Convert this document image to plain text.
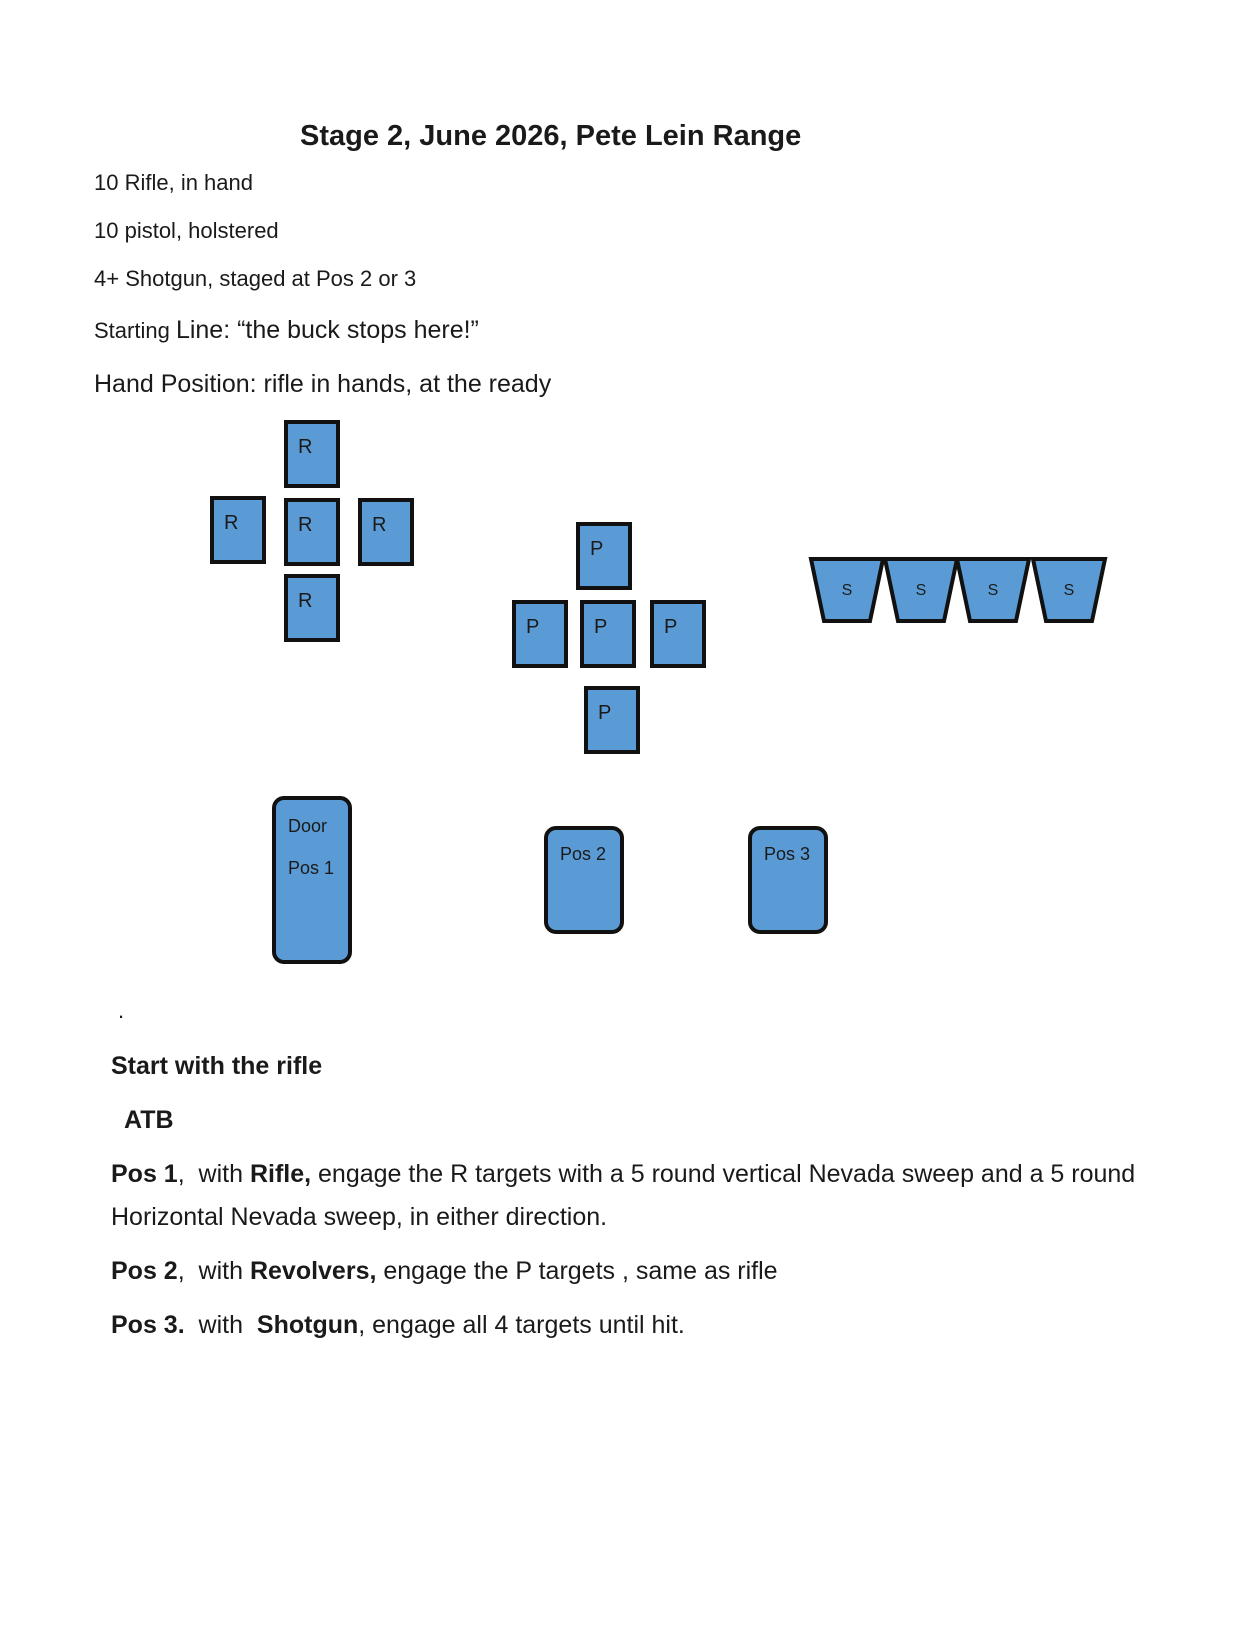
Stage 2, June 2026, Pete Lein Range
10 Rifle, in hand
10 pistol, holstered
4+ Shotgun, staged at Pos 2 or 3
Starting Line: “the buck stops here!”
Hand Position: rifle in hands, at the ready
R
R	R	R
R
P
P	P	P
P
S	S	S	S
Door
Pos 1
Pos 2	Pos 3
.
Start with the rifle
ATB
Pos 1,  with Rifle, engage the R targets with a 5 round vertical Nevada sweep and a 5 round
Horizontal Nevada sweep, in either direction.
Pos 2,  with Revolvers, engage the P targets , same as rifle
Pos 3.  with  Shotgun, engage all 4 targets until hit.
